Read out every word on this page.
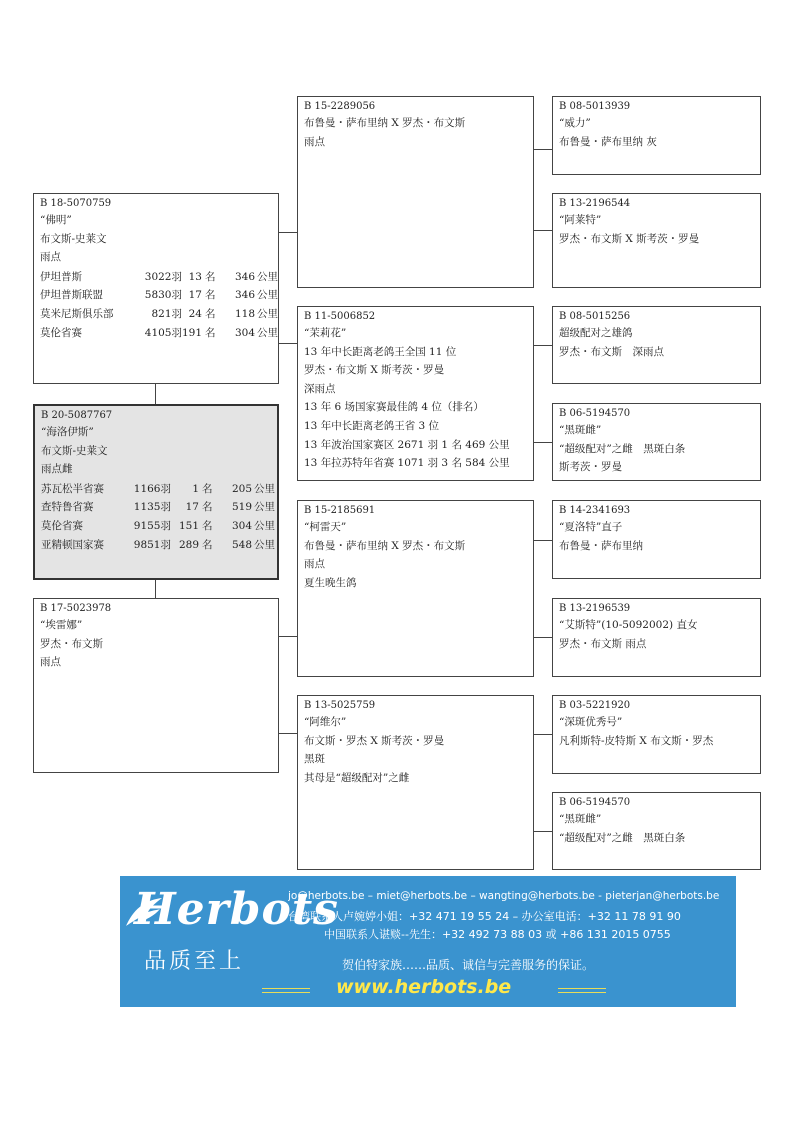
B 18-5070759
“佛明”
布文斯-史莱文
雨点
伊坦普斯	3022羽 13 名 346 公里
伊坦普斯联盟	5830羽 17 名 346 公里
莫米尼斯俱乐部	821羽 24 名 118 公里
莫伦省赛	4105羽191 名 304 公里
B 20-5087767
“海洛伊斯”
布文斯-史莱文
雨点雌
苏瓦松半省赛	1166羽 1 名 205 公里
查特鲁省赛	1135羽 17 名 519 公里
莫伦省赛	9155羽 151 名 304 公里
亚精顿国家赛	9851羽 289 名 548 公里
B 17-5023978
“埃雷娜”
罗杰・布文斯
雨点
B 15-2289056
布鲁曼・萨布里纳 X 罗杰・布文斯
雨点
B 11-5006852
“茉莉花”
13 年中长距离老鸽王全国 11 位
罗杰・布文斯 X 斯考茨・罗曼
深雨点
13 年 6 场国家赛最佳鸽 4 位（排名）
13 年中长距离老鸽王省 3 位
13 年波治国家赛区 2671 羽 1 名 469 公里
13 年拉苏特年省赛 1071 羽 3 名 584 公里
B 15-2185691
“柯雷天”
布鲁曼・萨布里纳 X 罗杰・布文斯
雨点
夏生晚生鸽
B 13-5025759
“阿维尔”
布文斯・罗杰 X 斯考茨・罗曼
黑斑
其母是“超级配对”之雌
B 08-5013939
“威力”
布鲁曼・萨布里纳 灰
B 13-2196544
“阿莱特”
罗杰・布文斯 X 斯考茨・罗曼
B 08-5015256
超级配对之雄鸽
罗杰・布文斯　深雨点
B 06-5194570
“黑斑雌”
“超级配对”之雌　黑斑白条
斯考茨・罗曼
B 14-2341693
“夏洛特”直子
布鲁曼・萨布里纳
B 13-2196539
“艾斯特”(10-5092002) 直女
罗杰・布文斯 雨点
B 03-5221920
“深斑优秀号”
凡利斯特-皮特斯 X 布文斯・罗杰
B 06-5194570
“黑斑雌”
“超级配对”之雌　黑斑白条
Herbots
品质至上
jo@herbots.be – miet@herbots.be – wangting@herbots.be - pieterjan@herbots.be
台湾联系人卢婉婷小姐：+32 471 19 55 24 – 办公室电话：+32 11 78 91 90
中国联系人谌赕--先生：+32 492 73 88 03 或 +86 131 2015 0755
贺伯特家族……品质、诚信与完善服务的保证。
www.herbots.be
